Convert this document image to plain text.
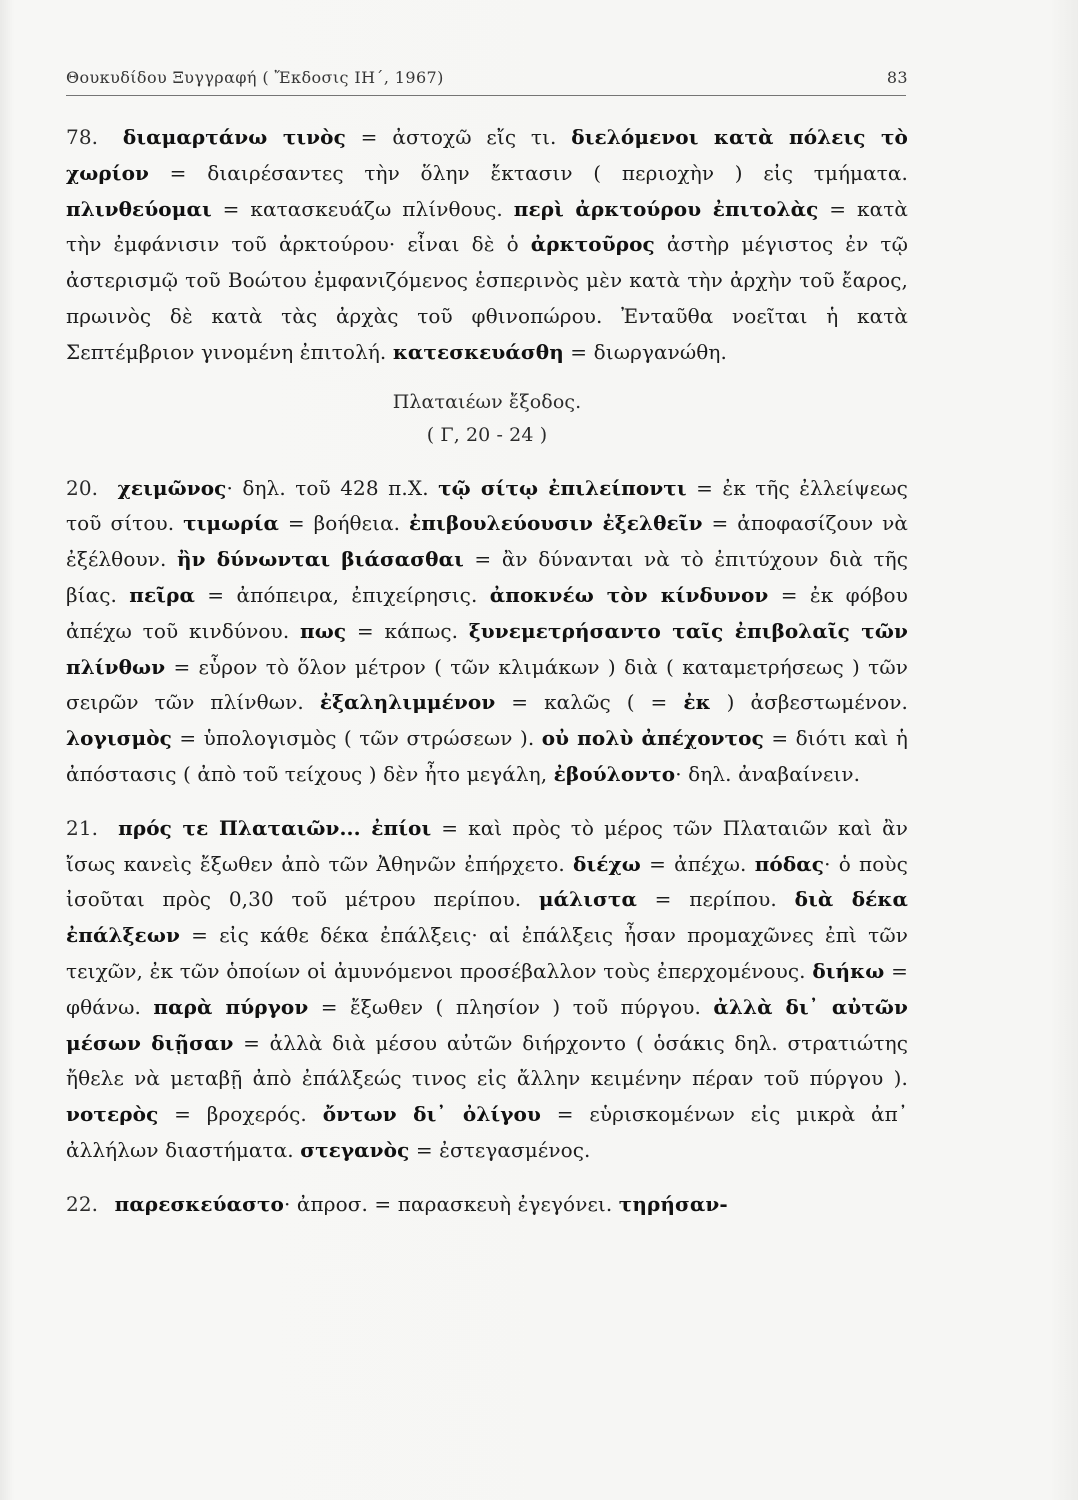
Θουκυδίδου Ξυγγραφή ( Ἔκδοσις ΙΗ΄, 1967)	83

78. διαμαρτάνω τινὸς = ἀστοχῶ εἴς τι. διελόμενοι κατὰ πόλεις τὸ χωρίον = διαιρέσαντες τὴν ὅλην ἔκτασιν ( περιοχὴν ) εἰς τμήματα. πλινθεύομαι = κατασκευάζω πλίνθους. περὶ ἀρκτούρου ἐπιτολὰς = κατὰ τὴν ἐμφάνισιν τοῦ ἀρκτούρου· εἶναι δὲ ὁ ἀρκτοῦρος ἀστὴρ μέγιστος ἐν τῷ ἀστερισμῷ τοῦ Βοώτου ἐμφανιζόμενος ἑσπερινὸς μὲν κατὰ τὴν ἀρχὴν τοῦ ἔαρος, πρωινὸς δὲ κατὰ τὰς ἀρχὰς τοῦ φθινοπώρου. Ἐνταῦθα νοεῖται ἡ κατὰ Σεπτέμβριον γινομένη ἐπιτολή. κατεσκευάσθη = διωργανώθη.

Πλαταιέων ἔξοδος.
( Γ, 20 - 24 )

20. χειμῶνος· δηλ. τοῦ 428 π.Χ. τῷ σίτῳ ἐπιλείποντι = ἐκ τῆς ἐλλείψεως τοῦ σίτου. τιμωρία = βοήθεια. ἐπιβουλεύουσιν ἐξελθεῖν = ἀποφασίζουν νὰ ἐξέλθουν. ἢν δύνωνται βιάσασθαι = ἂν δύνανται νὰ τὸ ἐπιτύχουν διὰ τῆς βίας. πεῖρα = ἀπόπειρα, ἐπιχείρησις. ἀποκνέω τὸν κίνδυνον = ἐκ φόβου ἀπέχω τοῦ κινδύνου. πως = κάπως. ξυνεμετρήσαντο ταῖς ἐπιβολαῖς τῶν πλίνθων = εὗρον τὸ ὅλον μέτρον ( τῶν κλιμάκων ) διὰ ( καταμετρήσεως ) τῶν σειρῶν τῶν πλίνθων. ἐξαληλιμμένον = καλῶς ( = ἐκ ) ἀσβεστωμένον. λογισμὸς = ὑπολογισμὸς ( τῶν στρώσεων ). οὐ πολὺ ἀπέχοντος = διότι καὶ ἡ ἀπόστασις ( ἀπὸ τοῦ τείχους ) δὲν ἦτο μεγάλη, ἐβούλοντο· δηλ. ἀναβαίνειν.

21. πρός τε Πλαταιῶν... ἐπίοι = καὶ πρὸς τὸ μέρος τῶν Πλαταιῶν καὶ ἂν ἴσως κανεὶς ἔξωθεν ἀπὸ τῶν Ἀθηνῶν ἐπήρχετο. διέχω = ἀπέχω. πόδας· ὁ ποὺς ἰσοῦται πρὸς 0,30 τοῦ μέτρου περίπου. μάλιστα = περίπου. διὰ δέκα ἐπάλξεων = εἰς κάθε δέκα ἐπάλξεις· αἱ ἐπάλξεις ἦσαν προμαχῶνες ἐπὶ τῶν τειχῶν, ἐκ τῶν ὁποίων οἱ ἀμυνόμενοι προσέβαλλον τοὺς ἐπερχομένους. διήκω = φθάνω. παρὰ πύργον = ἔξωθεν ( πλησίον ) τοῦ πύργου. ἀλλὰ δι᾽ αὐτῶν μέσων διῇσαν = ἀλλὰ διὰ μέσου αὐτῶν διήρχοντο ( ὁσάκις δηλ. στρατιώτης ἤθελε νὰ μεταβῇ ἀπὸ ἐπάλξεώς τινος εἰς ἄλλην κειμένην πέραν τοῦ πύργου ). νοτερὸς = βροχερός. ὄντων δι᾽ ὀλίγου = εὑρισκομένων εἰς μικρὰ ἀπ᾽ ἀλλήλων διαστήματα. στεγανὸς = ἐστεγασμένος.

22. παρεσκεύαστο· ἀπροσ. = παρασκευὴ ἐγεγόνει. τηρήσαν-
